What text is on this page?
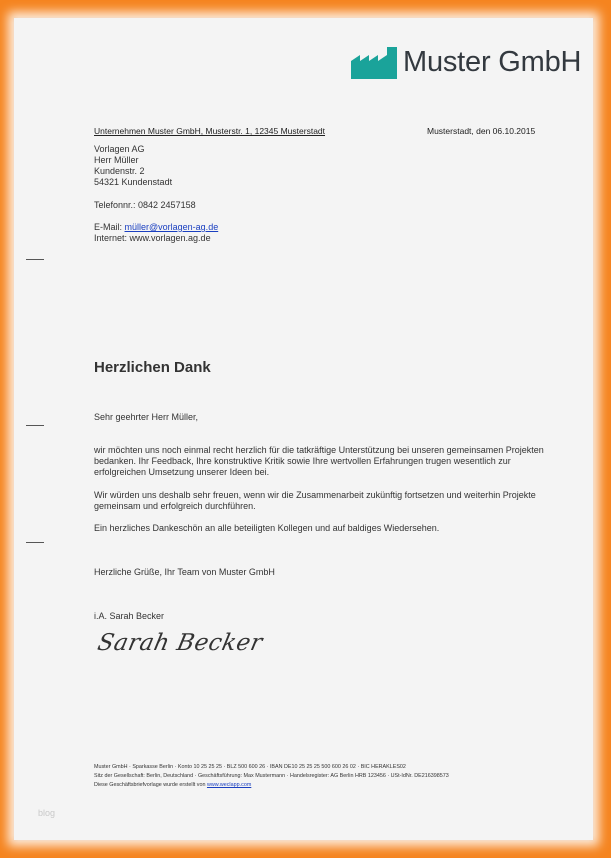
Muster GmbH
Unternehmen Muster GmbH, Musterstr. 1, 12345 Musterstadt	Musterstadt, den 06.10.2015
Vorlagen AG
Herr Müller
Kundenstr. 2
54321 Kundenstadt
Telefonnr.: 0842 2457158
E-Mail: müller@vorlagen-ag.de
Internet: www.vorlagen.ag.de
Herzlichen Dank
Sehr geehrter Herr Müller,
wir möchten uns noch einmal recht herzlich für die tatkräftige Unterstützung bei unseren gemeinsamen Projekten bedanken. Ihr Feedback, Ihre konstruktive Kritik sowie Ihre wertvollen Erfahrungen trugen wesentlich zur erfolgreichen Umsetzung unserer Ideen bei.
Wir würden uns deshalb sehr freuen, wenn wir die Zusammenarbeit zukünftig fortsetzen und weiterhin Projekte gemeinsam und erfolgreich durchführen.
Ein herzliches Dankeschön an alle beteiligten Kollegen und auf baldiges Wiedersehen.
Herzliche Grüße, Ihr Team von Muster GmbH
i.A. Sarah Becker
Sarah Becker
Muster GmbH · Sparkasse Berlin · Konto 10 25 25 25 · BLZ 500 600 26 · IBAN DE10 25 25 25 500 600 26 02 · BIC HERAKLES02
Sitz der Gesellschaft: Berlin, Deutschland · Geschäftsführung: Max Mustermann · Handelsregister: AG Berlin HRB 123456 · USt-IdNr. DE216398573
Diese Geschäftsbriefvorlage wurde erstellt von www.weclapp.com
blog
